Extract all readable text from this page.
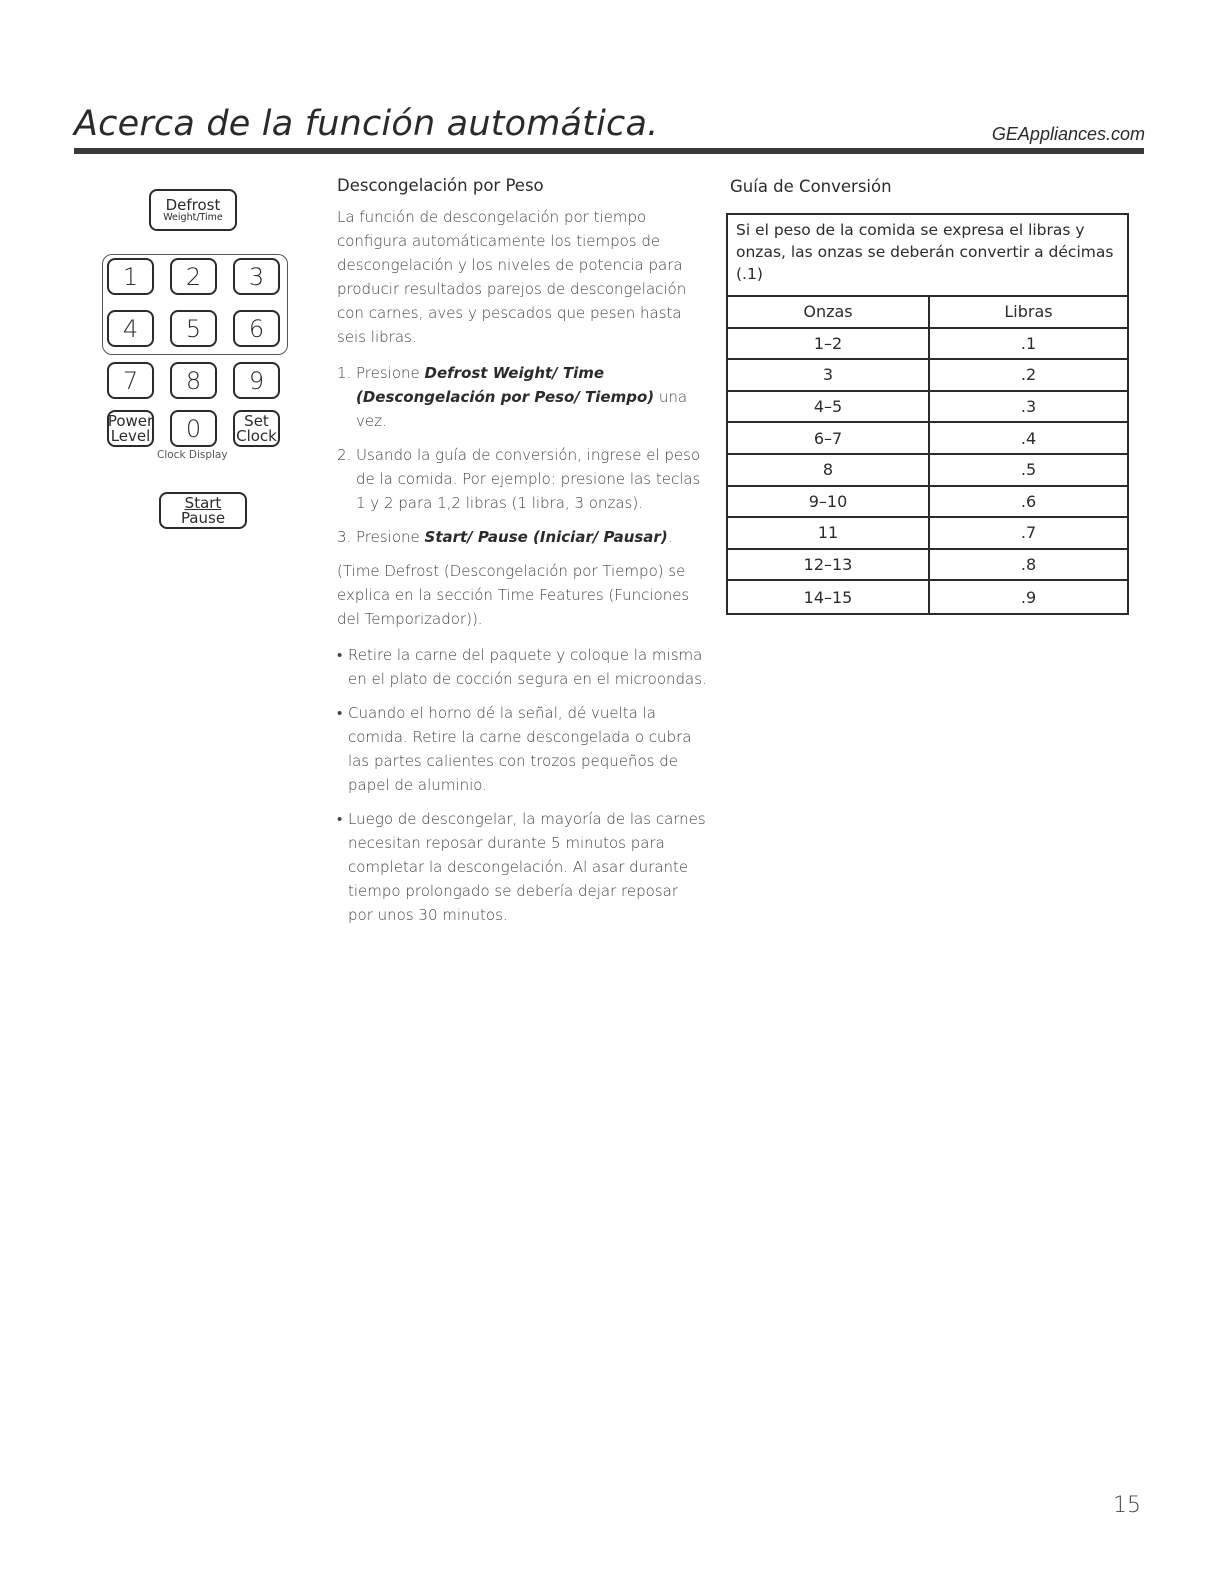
Acerca de la función automática.	GEAppliances.com
Defrost
Weight/Time
1	2	3
4	5	6
7	8	9
Power
Level	0	Set
Clock
Clock Display
Start
Pause
Descongelación por Peso

La función de descongelación por tiempo configura automáticamente los tiempos de descongelación y los niveles de potencia para producir resultados parejos de descongelación con carnes, aves y pescados que pesen hasta seis libras.

1. Presione Defrost Weight/ Time (Descongelación por Peso/ Tiempo) una vez.
2. Usando la guía de conversión, ingrese el peso de la comida. Por ejemplo: presione las teclas 1 y 2 para 1,2 libras (1 libra, 3 onzas).
3. Presione Start/ Pause (Iniciar/ Pausar).

(Time Defrost (Descongelación por Tiempo) se explica en la sección Time Features (Funciones del Temporizador)).

• Retire la carne del paquete y coloque la misma en el plato de cocción segura en el microondas.
• Cuando el horno dé la señal, dé vuelta la comida. Retire la carne descongelada o cubra las partes calientes con trozos pequeños de papel de aluminio.
• Luego de descongelar, la mayoría de las carnes necesitan reposar durante 5 minutos para completar la descongelación. Al asar durante tiempo prolongado se debería dejar reposar por unos 30 minutos.
Guía de Conversión
Si el peso de la comida se expresa el libras y onzas, las onzas se deberán convertir a décimas (.1)
Onzas	Libras
1–2	.1
3	.2
4–5	.3
6–7	.4
8	.5
9–10	.6
11	.7
12–13	.8
14–15	.9
15
